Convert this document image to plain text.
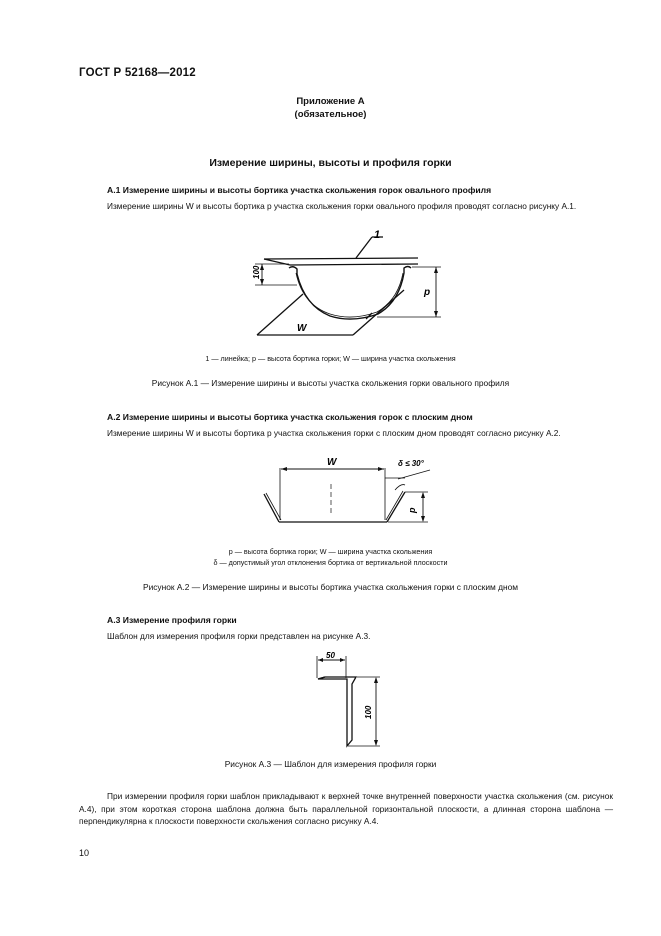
ГОСТ Р 52168—2012
Приложение А
(обязательное)
Измерение ширины, высоты и профиля горки
А.1 Измерение ширины и высоты бортика участка скольжения горок овального профиля

Измерение ширины W и высоты бортика p участка скольжения горки овального профиля проводят согласно рисунку А.1.

1
100
p
W
1 — линейка; p — высота бортика горки; W — ширина участка скольжения
Рисунок А.1 — Измерение ширины и высоты участка скольжения горки овального профиля
А.2 Измерение ширины и высоты бортика участка скольжения горок с плоским дном

Измерение ширины W и высоты бортика p участка скольжения горки с плоским дном проводят согласно рисунку А.2.

W	δ ≤ 30°
p
p — высота бортика горки; W — ширина участка скольжения
δ — допустимый угол отклонения бортика от вертикальной плоскости
Рисунок А.2 — Измерение ширины и высоты бортика участка скольжения горки с плоским дном
А.3 Измерение профиля горки

Шаблон для измерения профиля горки представлен на рисунке А.3.

50
100
Рисунок А.3 — Шаблон для измерения профиля горки

При измерении профиля горки шаблон прикладывают к верхней точке внутренней поверхности участка скольжения (см. рисунок А.4), при этом короткая сторона шаблона должна быть параллельной горизонтальной плоскости, а длинная сторона шаблона — перпендикулярна к плоскости поверхности скольжения согласно рисунку А.4.

10
